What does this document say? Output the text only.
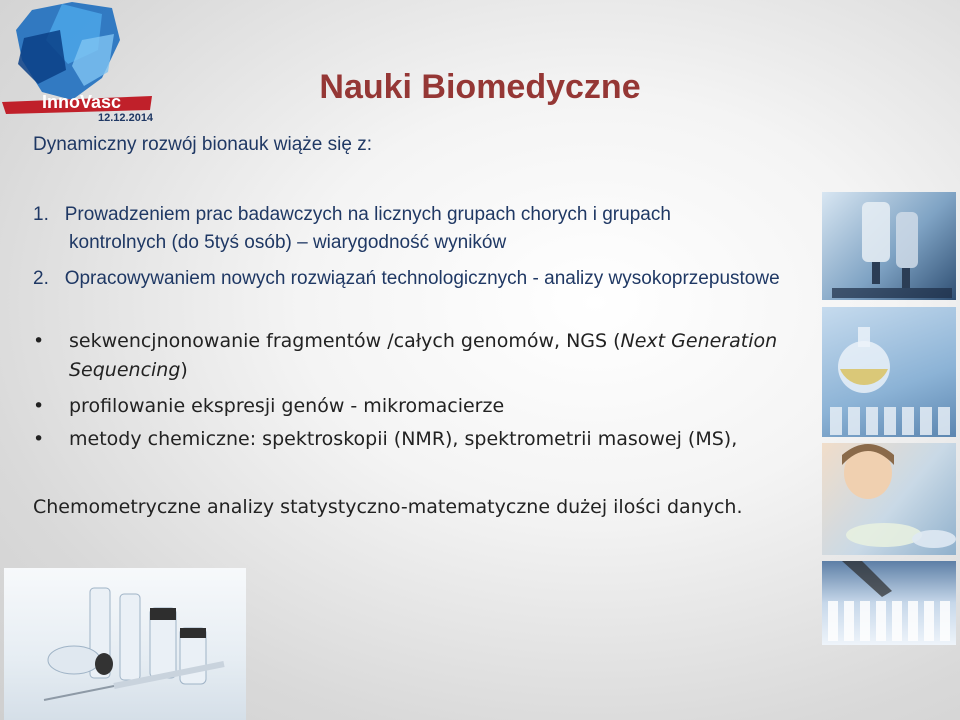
InnoVasc
12.12.2014
Nauki Biomedyczne
Dynamiczny rozwój bionauk wiąże się z:
1. Prowadzeniem prac badawczych na licznych grupach chorych i grupach
kontrolnych (do 5tyś osób) – wiarygodność wyników
2. Opracowywaniem nowych rozwiązań technologicznych - analizy wysokoprzepustowe
•	sekwencjnonowanie fragmentów /całych genomów, NGS (Next Generation Sequencing)
•	profilowanie ekspresji genów - mikromacierze
•	metody chemiczne: spektroskopii (NMR), spektrometrii masowej (MS),
Chemometryczne analizy statystyczno-matematyczne dużej ilości danych.
